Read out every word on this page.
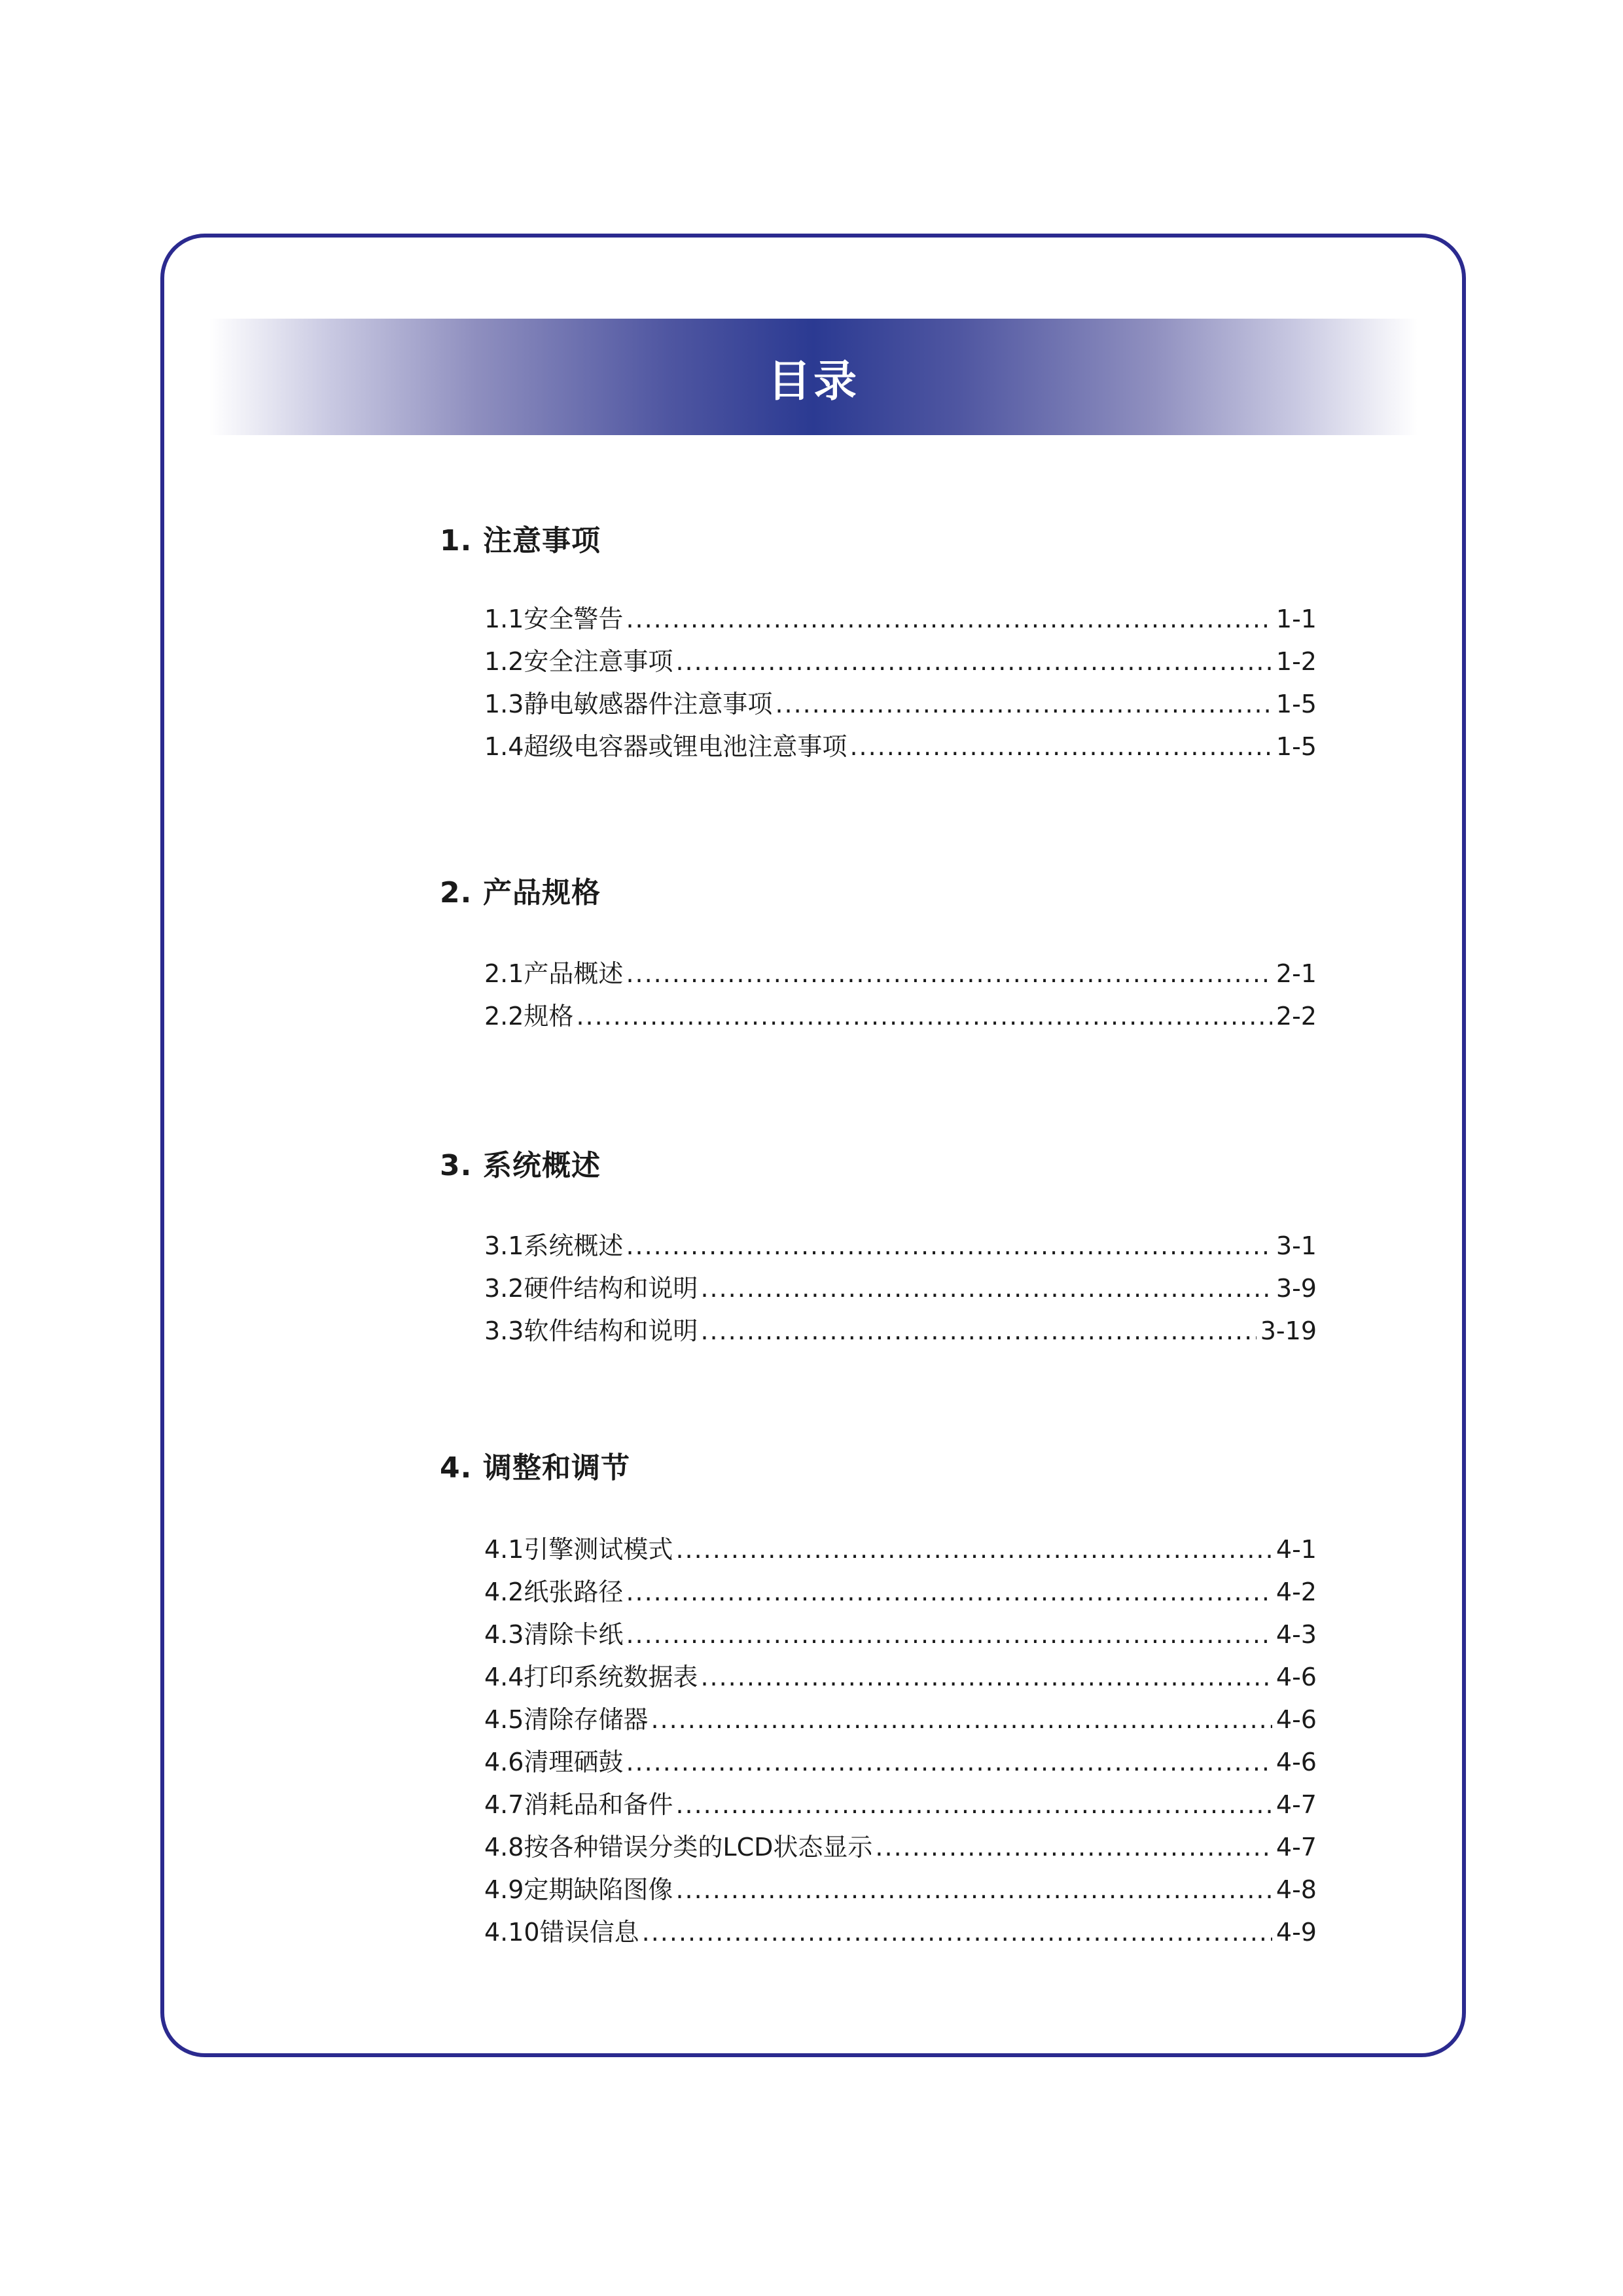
目录
1. 注意事项
1.1安全警告 .....	1-1
1.2安全注意事项 .....	1-2
1.3静电敏感器件注意事项 .....	1-5
1.4超级电容器或锂电池注意事项 .....	1-5
2. 产品规格
2.1产品概述 .....	2-1
2.2规格 .....	2-2
3. 系统概述
3.1系统概述 .....	3-1
3.2硬件结构和说明 .....	3-9
3.3软件结构和说明 .....	3-19
4. 调整和调节
4.1引擎测试模式 .....	4-1
4.2纸张路径 .....	4-2
4.3清除卡纸 .....	4-3
4.4打印系统数据表 .....	4-6
4.5清除存储器 .....	4-6
4.6清理硒鼓 .....	4-6
4.7消耗品和备件 .....	4-7
4.8按各种错误分类的LCD状态显示 .....	4-7
4.9定期缺陷图像 .....	4-8
4.10错误信息 .....	4-9
